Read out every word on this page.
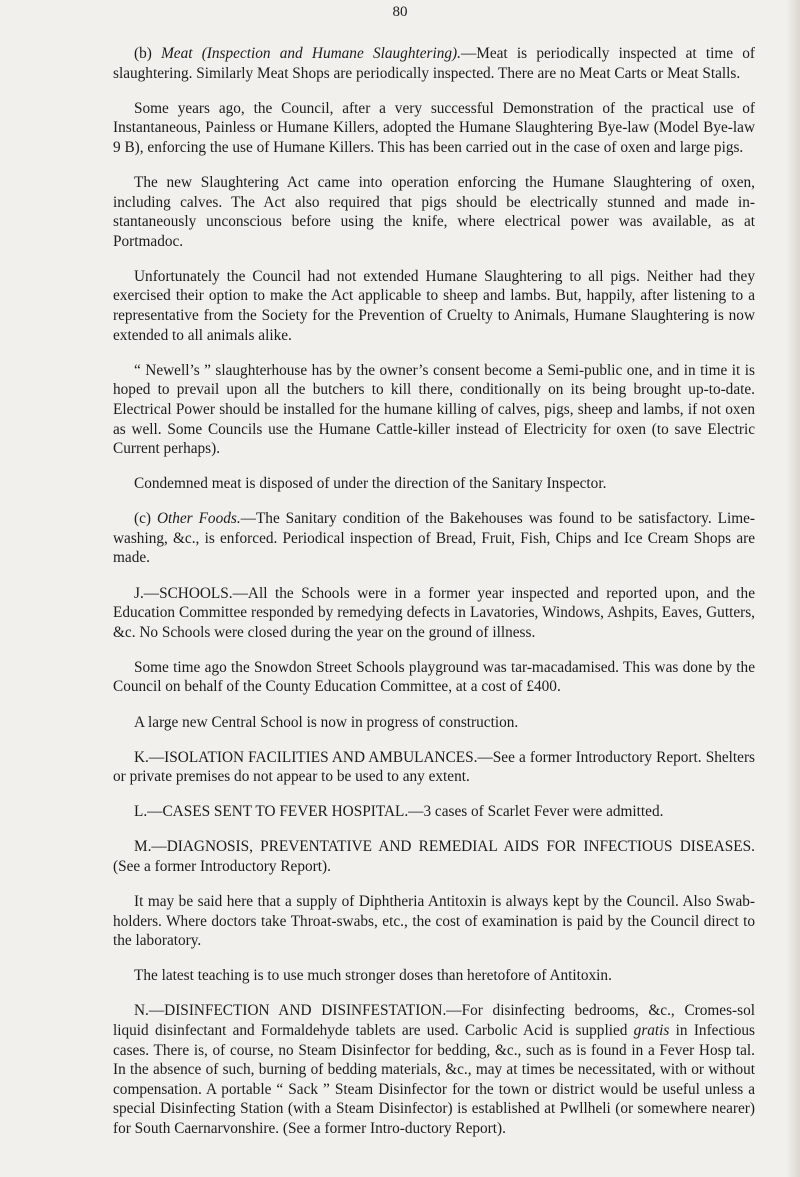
80

(b) Meat (Inspection and Humane Slaughtering).—Meat is periodically inspected at time of slaughtering. Similarly Meat Shops are periodically inspected. There are no Meat Carts or Meat Stalls.

Some years ago, the Council, after a very successful Demonstration of the practical use of Instantaneous, Painless or Humane Killers, adopted the Humane Slaughtering Bye-law (Model Bye-law 9 B), enforcing the use of Humane Killers. This has been carried out in the case of oxen and large pigs.

The new Slaughtering Act came into operation enforcing the Humane Slaughtering of oxen, including calves. The Act also required that pigs should be electrically stunned and made in-stantaneously unconscious before using the knife, where electrical power was available, as at Portmadoc.

Unfortunately the Council had not extended Humane Slaughtering to all pigs. Neither had they exercised their option to make the Act applicable to sheep and lambs. But, happily, after listening to a representative from the Society for the Prevention of Cruelty to Animals, Humane Slaughtering is now extended to all animals alike.

“ Newell’s ” slaughterhouse has by the owner’s consent become a Semi-public one, and in time it is hoped to prevail upon all the butchers to kill there, conditionally on its being brought up-to-date. Electrical Power should be installed for the humane killing of calves, pigs, sheep and lambs, if not oxen as well. Some Councils use the Humane Cattle-killer instead of Electricity for oxen (to save Electric Current perhaps).

Condemned meat is disposed of under the direction of the Sanitary Inspector.

(c) Other Foods.—The Sanitary condition of the Bakehouses was found to be satisfactory. Lime-washing, &c., is enforced. Periodical inspection of Bread, Fruit, Fish, Chips and Ice Cream Shops are made.

J.—SCHOOLS.—All the Schools were in a former year inspected and reported upon, and the Education Committee responded by remedying defects in Lavatories, Windows, Ashpits, Eaves, Gutters, &c. No Schools were closed during the year on the ground of illness.

Some time ago the Snowdon Street Schools playground was tar-macadamised. This was done by the Council on behalf of the County Education Committee, at a cost of £400.

A large new Central School is now in progress of construction.

K.—ISOLATION FACILITIES AND AMBULANCES.—See a former Introductory Report. Shelters or private premises do not appear to be used to any extent.

L.—CASES SENT TO FEVER HOSPITAL.—3 cases of Scarlet Fever were admitted.

M.—DIAGNOSIS, PREVENTATIVE AND REMEDIAL AIDS FOR INFECTIOUS DISEASES. (See a former Introductory Report).

It may be said here that a supply of Diphtheria Antitoxin is always kept by the Council. Also Swab-holders. Where doctors take Throat-swabs, etc., the cost of examination is paid by the Council direct to the laboratory.

The latest teaching is to use much stronger doses than heretofore of Antitoxin.

N.—DISINFECTION AND DISINFESTATION.—For disinfecting bedrooms, &c., Cromes-sol liquid disinfectant and Formaldehyde tablets are used. Carbolic Acid is supplied gratis in Infectious cases. There is, of course, no Steam Disinfector for bedding, &c., such as is found in a Fever Hosp tal. In the absence of such, burning of bedding materials, &c., may at times be necessitated, with or without compensation. A portable “ Sack ” Steam Disinfector for the town or district would be useful unless a special Disinfecting Station (with a Steam Disinfector) is established at Pwllheli (or somewhere nearer) for South Caernarvonshire. (See a former Intro-ductory Report).
